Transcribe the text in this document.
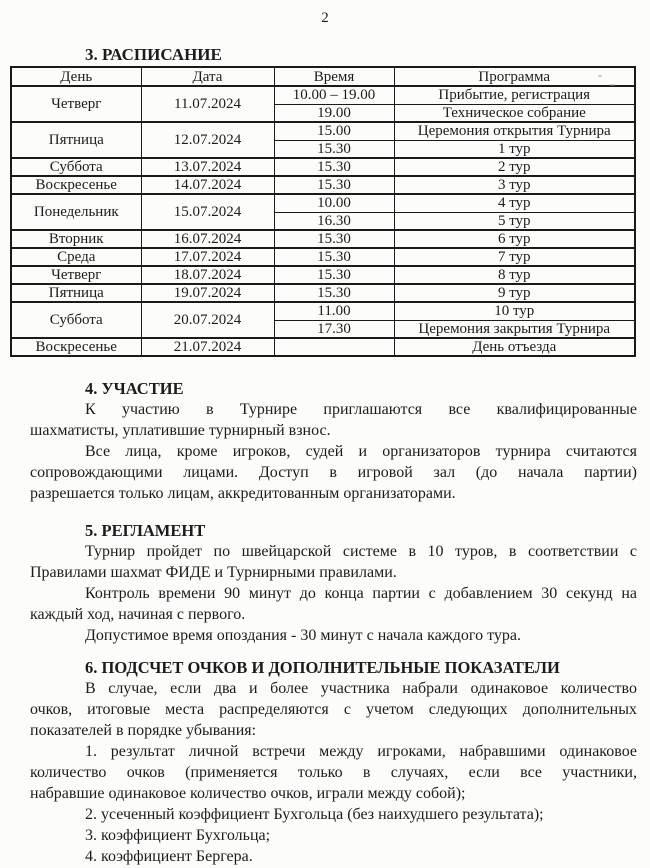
2
3. РАСПИСАНИЕ
День	Дата	Время	Программа
Четверг	11.07.2024	10.00 – 19.00	Прибытие, регистрация
		19.00	Техническое собрание
Пятница	12.07.2024	15.00	Церемония открытия Турнира
		15.30	1 тур
Суббота	13.07.2024	15.30	2 тур
Воскресенье	14.07.2024	15.30	3 тур
Понедельник	15.07.2024	10.00	4 тур
		16.30	5 тур
Вторник	16.07.2024	15.30	6 тур
Среда	17.07.2024	15.30	7 тур
Четверг	18.07.2024	15.30	8 тур
Пятница	19.07.2024	15.30	9 тур
Суббота	20.07.2024	11.00	10 тур
		17.30	Церемония закрытия Турнира
Воскресенье	21.07.2024		День отъезда
4. УЧАСТИЕ

К участию в Турнире приглашаются все квалифицированные
шахматисты, уплатившие турнирный взнос.

Все лица, кроме игроков, судей и организаторов турнира считаются
сопровождающими лицами. Доступ в игровой зал (до начала партии)
разрешается только лицам, аккредитованным организаторами.

5. РЕГЛАМЕНТ

Турнир пройдет по швейцарской системе в 10 туров, в соответствии с
Правилами шахмат ФИДЕ и Турнирными правилами.

Контроль времени 90 минут до конца партии с добавлением 30 секунд на
каждый ход, начиная с первого.

Допустимое время опоздания - 30 минут с начала каждого тура.

6. ПОДСЧЕТ ОЧКОВ И ДОПОЛНИТЕЛЬНЫЕ ПОКАЗАТЕЛИ

В случае, если два и более участника набрали одинаковое количество
очков, итоговые места распределяются с учетом следующих дополнительных
показателей в порядке убывания:

1. результат личной встречи между игроками, набравшими одинаковое
количество очков (применяется только в случаях, если все участники,
набравшие одинаковое количество очков, играли между собой);

2. усеченный коэффициент Бухгольца (без наихудшего результата);

3. коэффициент Бухгольца;

4. коэффициент Бергера.
